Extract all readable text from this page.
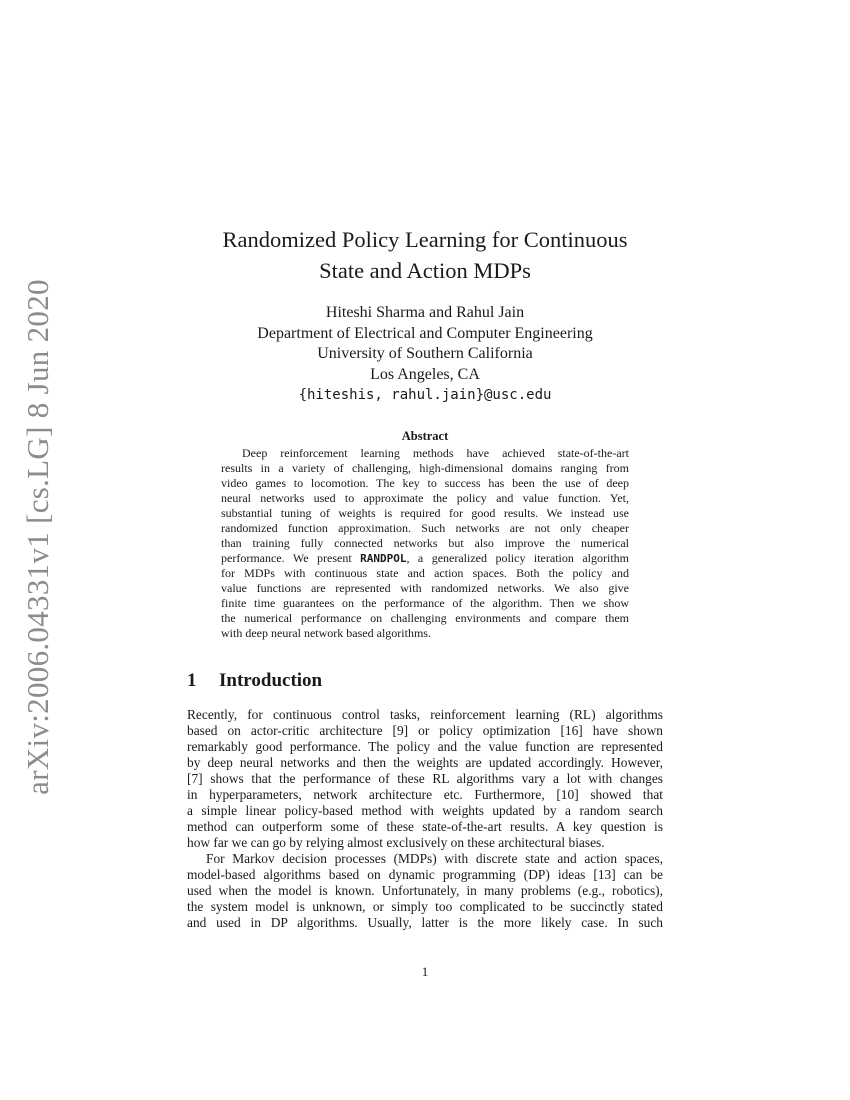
arXiv:2006.04331v1 [cs.LG] 8 Jun 2020
Randomized Policy Learning for Continuous
State and Action MDPs
Hiteshi Sharma and Rahul Jain
Department of Electrical and Computer Engineering
University of Southern California
Los Angeles, CA
{hiteshis, rahul.jain}@usc.edu
Abstract
Deep reinforcement learning methods have achieved state-of-the-art
results in a variety of challenging, high-dimensional domains ranging from
video games to locomotion. The key to success has been the use of deep
neural networks used to approximate the policy and value function. Yet,
substantial tuning of weights is required for good results. We instead use
randomized function approximation. Such networks are not only cheaper
than training fully connected networks but also improve the numerical
performance. We present RANDPOL, a generalized policy iteration algorithm
for MDPs with continuous state and action spaces. Both the policy and
value functions are represented with randomized networks. We also give
finite time guarantees on the performance of the algorithm. Then we show
the numerical performance on challenging environments and compare them
with deep neural network based algorithms.
1 Introduction
Recently, for continuous control tasks, reinforcement learning (RL) algorithms
based on actor-critic architecture [9] or policy optimization [16] have shown
remarkably good performance. The policy and the value function are represented
by deep neural networks and then the weights are updated accordingly. However,
[7] shows that the performance of these RL algorithms vary a lot with changes
in hyperparameters, network architecture etc. Furthermore, [10] showed that
a simple linear policy-based method with weights updated by a random search
method can outperform some of these state-of-the-art results. A key question is
how far we can go by relying almost exclusively on these architectural biases.
For Markov decision processes (MDPs) with discrete state and action spaces,
model-based algorithms based on dynamic programming (DP) ideas [13] can be
used when the model is known. Unfortunately, in many problems (e.g., robotics),
the system model is unknown, or simply too complicated to be succinctly stated
and used in DP algorithms. Usually, latter is the more likely case. In such
1
